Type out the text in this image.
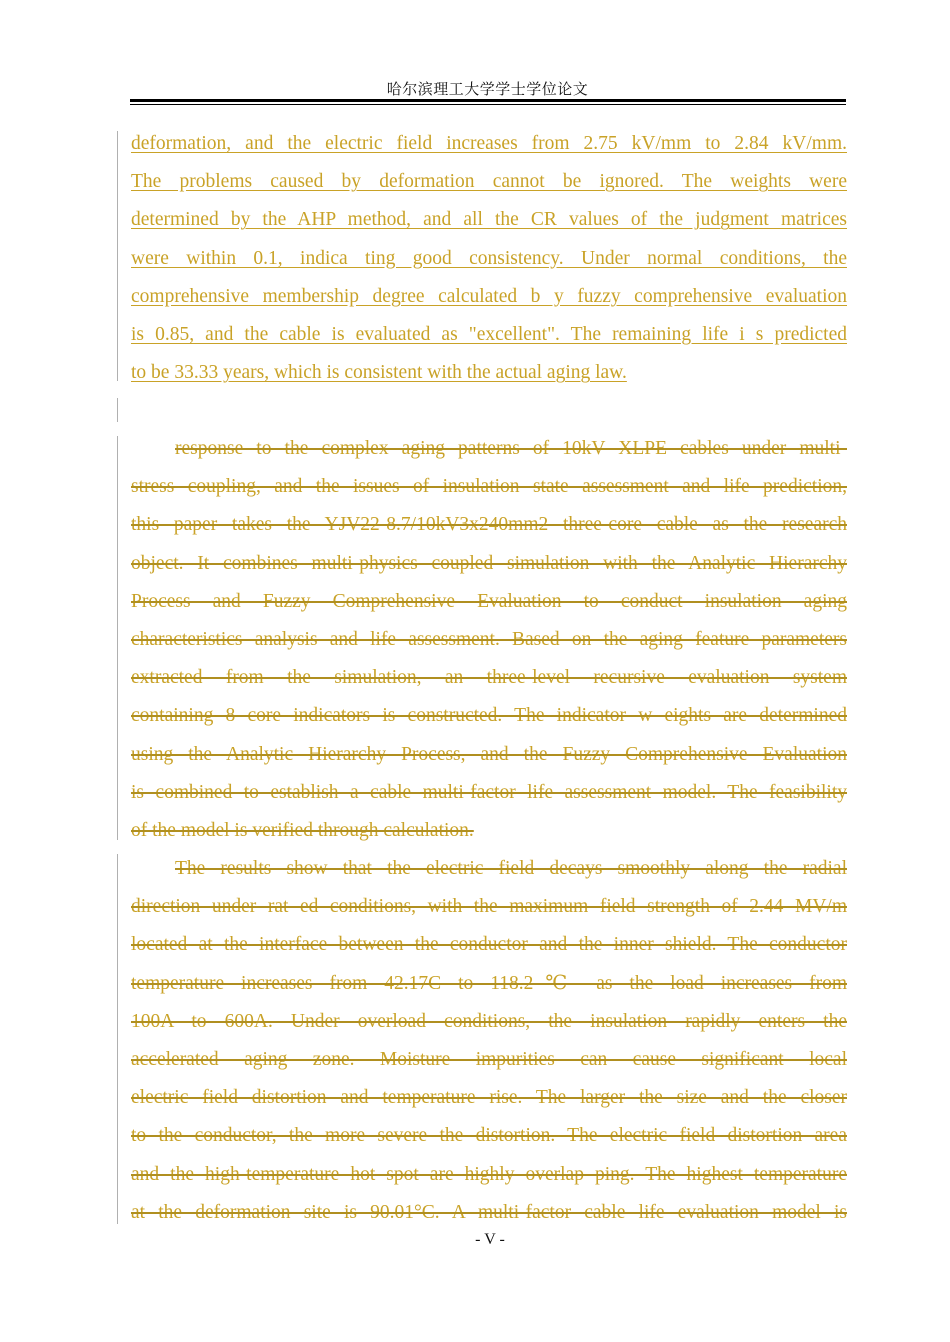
哈尔滨理工大学学士学位论文
deformation, and the electric field increases from 2.75 kV/mm to 2.84 kV/mm.
The problems caused by deformation cannot be ignored. The weights were
determined by the AHP method, and all the CR values of the judgment matrices
were within 0.1, indica ting good consistency. Under normal conditions, the
comprehensive membership degree calculated b y fuzzy comprehensive evaluation
is 0.85, and the cable is evaluated as "excellent". The remaining life i s predicted
to be 33.33 years, which is consistent with the actual aging law.
response to the complex aging patterns of 10kV XLPE cables under multi-
stress coupling, and the issues of insulation state assessment and life prediction,
this paper takes the YJV22-8.7/10kV3x240mm2 three-core cable as the research
object. It combines multi-physics coupled simulation with the Analytic Hierarchy
Process and Fuzzy Comprehensive Evaluation to conduct insulation aging
characteristics analysis and life assessment. Based on the aging feature parameters
extracted from the simulation, an three-level recursive evaluation system
containing 8 core indicators is constructed. The indicator w eights are determined
using the Analytic Hierarchy Process, and the Fuzzy Comprehensive Evaluation
is combined to establish a cable multi-factor life assessment model. The feasibility
of the model is verified through calculation.
The results show that the electric field decays smoothly along the radial
direction under rat ed conditions, with the maximum field strength of 2.44 MV/m
located at the interface between the conductor and the inner shield. The conductor
temperature increases from 42.17C to 118.2℃ as the load increases from
100A to 600A. Under overload conditions, the insulation rapidly enters the
accelerated aging zone. Moisture impurities can cause significant local
electric field distortion and temperature rise. The larger the size and the closer
to the conductor, the more severe the distortion. The electric field distortion area
and the high-temperature hot spot are highly overlap ping. The highest temperature
at the deformation site is 90.01°C. A multi-factor cable life evaluation model is
- V -
